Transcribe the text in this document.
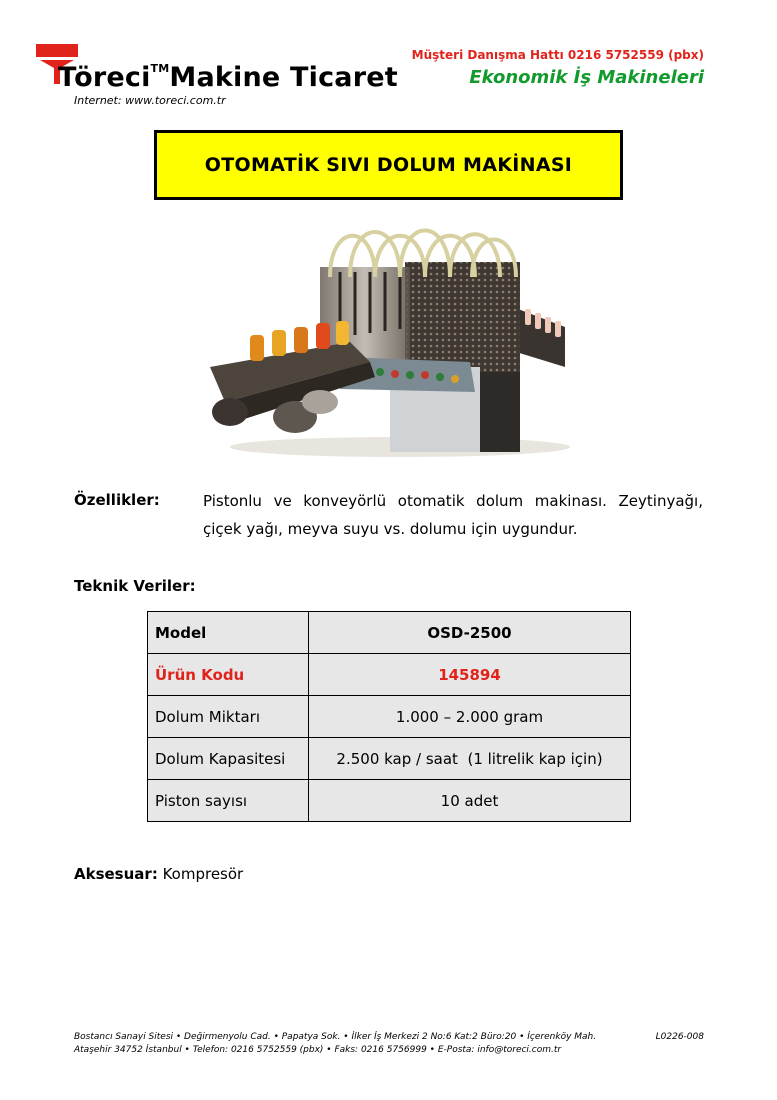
Töreci™Makine Ticaret
Internet: www.toreci.com.tr
Müşteri Danışma Hattı 0216 5752559 (pbx)
Ekonomik İş Makineleri
OTOMATİK SIVI DOLUM MAKİNASI
Özellikler:	Pistonlu ve konveyörlü otomatik dolum makinası. Zeytinyağı,
çiçek yağı, meyva suyu vs. dolumu için uygundur.
Teknik Veriler:
Model	OSD-2500
Ürün Kodu	145894
Dolum Miktarı	1.000 – 2.000 gram
Dolum Kapasitesi	2.500 kap / saat  (1 litrelik kap için)
Piston sayısı	10 adet
Aksesuar: Kompresör
Bostancı Sanayi Sitesi • Değirmenyolu Cad. • Papatya Sok. • İlker İş Merkezi 2 No:6 Kat:2 Büro:20 • İçerenköy Mah.
Ataşehir 34752 İstanbul • Telefon: 0216 5752559 (pbx) • Faks: 0216 5756999 • E-Posta: info@toreci.com.tr
L0226-008
